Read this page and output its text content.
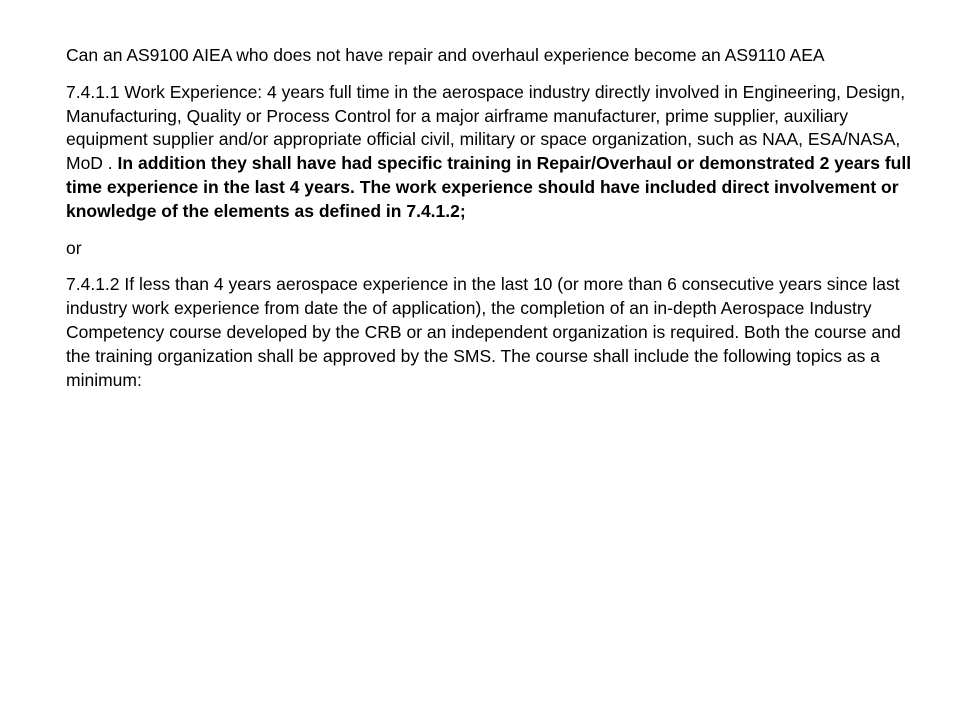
Can an AS9100 AIEA who does not have repair and overhaul experience become an AS9110 AEA

7.4.1.1 Work Experience: 4 years full time in the aerospace industry directly involved in Engineering, Design, Manufacturing, Quality or Process Control for a major airframe manufacturer, prime supplier, auxiliary equipment supplier and/or appropriate official civil, military or space organization, such as NAA, ESA/NASA, MoD . In addition they shall have had specific training in Repair/Overhaul or demonstrated 2 years full time experience in the last 4 years. The work experience should have included direct involvement or knowledge of the elements as defined in 7.4.1.2;

or

7.4.1.2 If less than 4 years aerospace experience in the last 10 (or more than 6 consecutive years since last industry work experience from date the of application), the completion of an in-depth Aerospace Industry Competency course developed by the CRB or an independent organization is required. Both the course and the training organization shall be approved by the SMS. The course shall include the following topics as a minimum:
